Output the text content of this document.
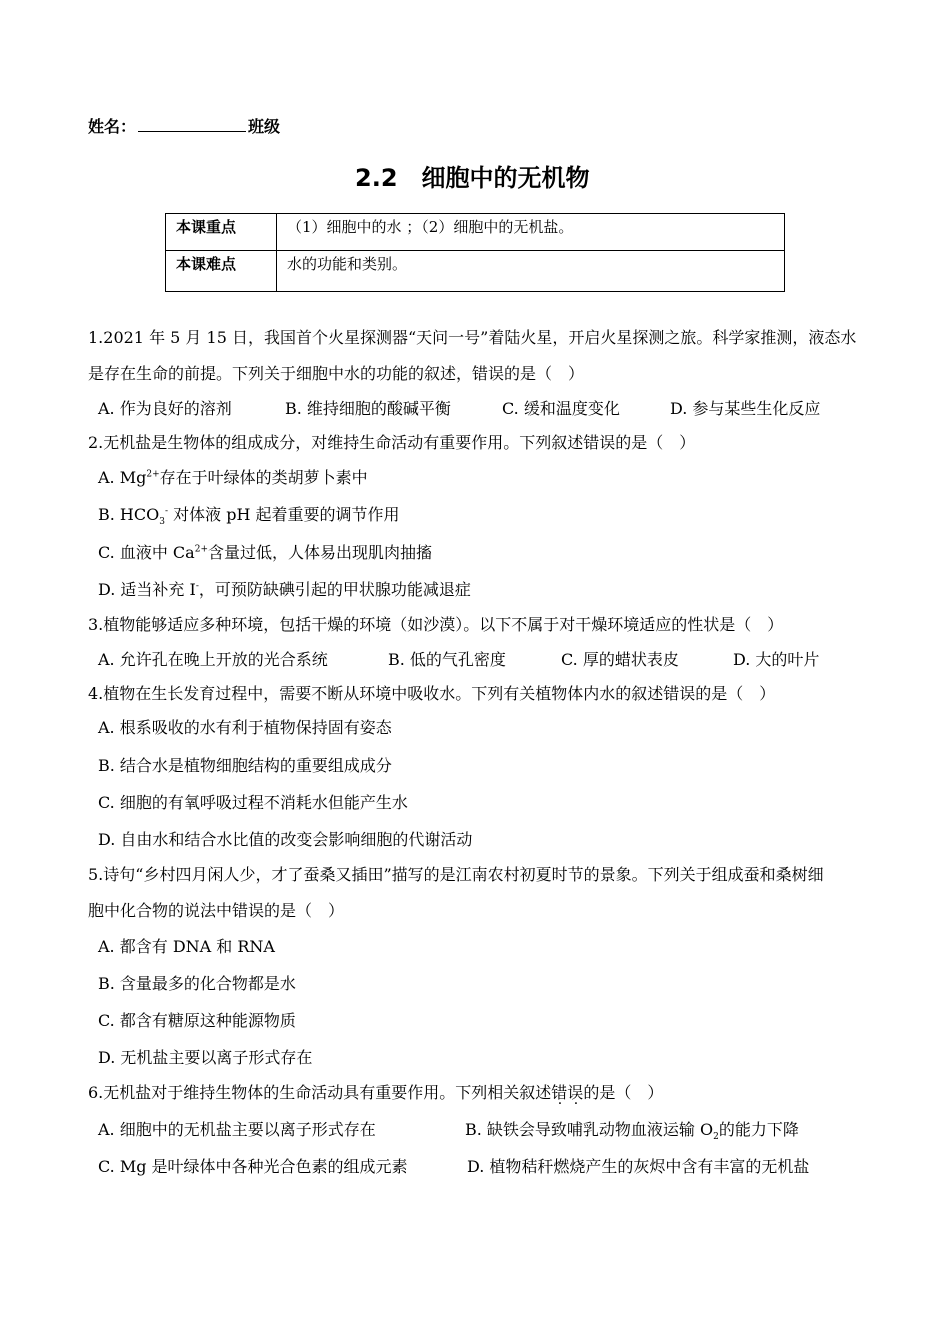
姓名：	班级
2.2　细胞中的无机物
本课重点	（1）细胞中的水 ；（2）细胞中的无机盐。
本课难点	水的功能和类别。
1.2021 年 5 月 15 日，我国首个火星探测器“天问一号”着陆火星，开启火星探测之旅。科学家推测，液态水
是存在生命的前提。下列关于细胞中水的功能的叙述，错误的是（　）
A. 作为良好的溶剂	B. 维持细胞的酸碱平衡	C. 缓和温度变化	D. 参与某些生化反应
2.无机盐是生物体的组成成分，对维持生命活动有重要作用。下列叙述错误的是（　）
A. $Mg^{2+}$存在于叶绿体的类胡萝卜素中
B. $HCO_3^-$ 对体液 pH 起着重要的调节作用
C. 血液中 $Ca^{2+}$含量过低，人体易出现肌肉抽搐
D. 适当补充 I-，可预防缺碘引起的甲状腺功能减退症
3.植物能够适应多种环境，包括干燥的环境（如沙漠）。以下不属于对干燥环境适应的性状是（　）
A. 允许孔在晚上开放的光合系统	B. 低的气孔密度	C. 厚的蜡状表皮	D. 大的叶片
4.植物在生长发育过程中，需要不断从环境中吸收水。下列有关植物体内水的叙述错误的是（　）
A. 根系吸收的水有利于植物保持固有姿态
B. 结合水是植物细胞结构的重要组成成分
C. 细胞的有氧呼吸过程不消耗水但能产生水
D. 自由水和结合水比值的改变会影响细胞的代谢活动
5.诗句“乡村四月闲人少，才了蚕桑又插田”描写的是江南农村初夏时节的景象。下列关于组成蚕和桑树细
胞中化合物的说法中错误的是（　）
A. 都含有 DNA 和 RNA
B. 含量最多的化合物都是水
C. 都含有糖原这种能源物质
D. 无机盐主要以离子形式存在
6.无机盐对于维持生物体的生命活动具有重要作用。下列相关叙述错误的是（　）
A. 细胞中的无机盐主要以离子形式存在	B. 缺铁会导致哺乳动物血液运输 $O_2$的能力下降
C. Mg 是叶绿体中各种光合色素的组成元素	D. 植物秸秆燃烧产生的灰烬中含有丰富的无机盐
